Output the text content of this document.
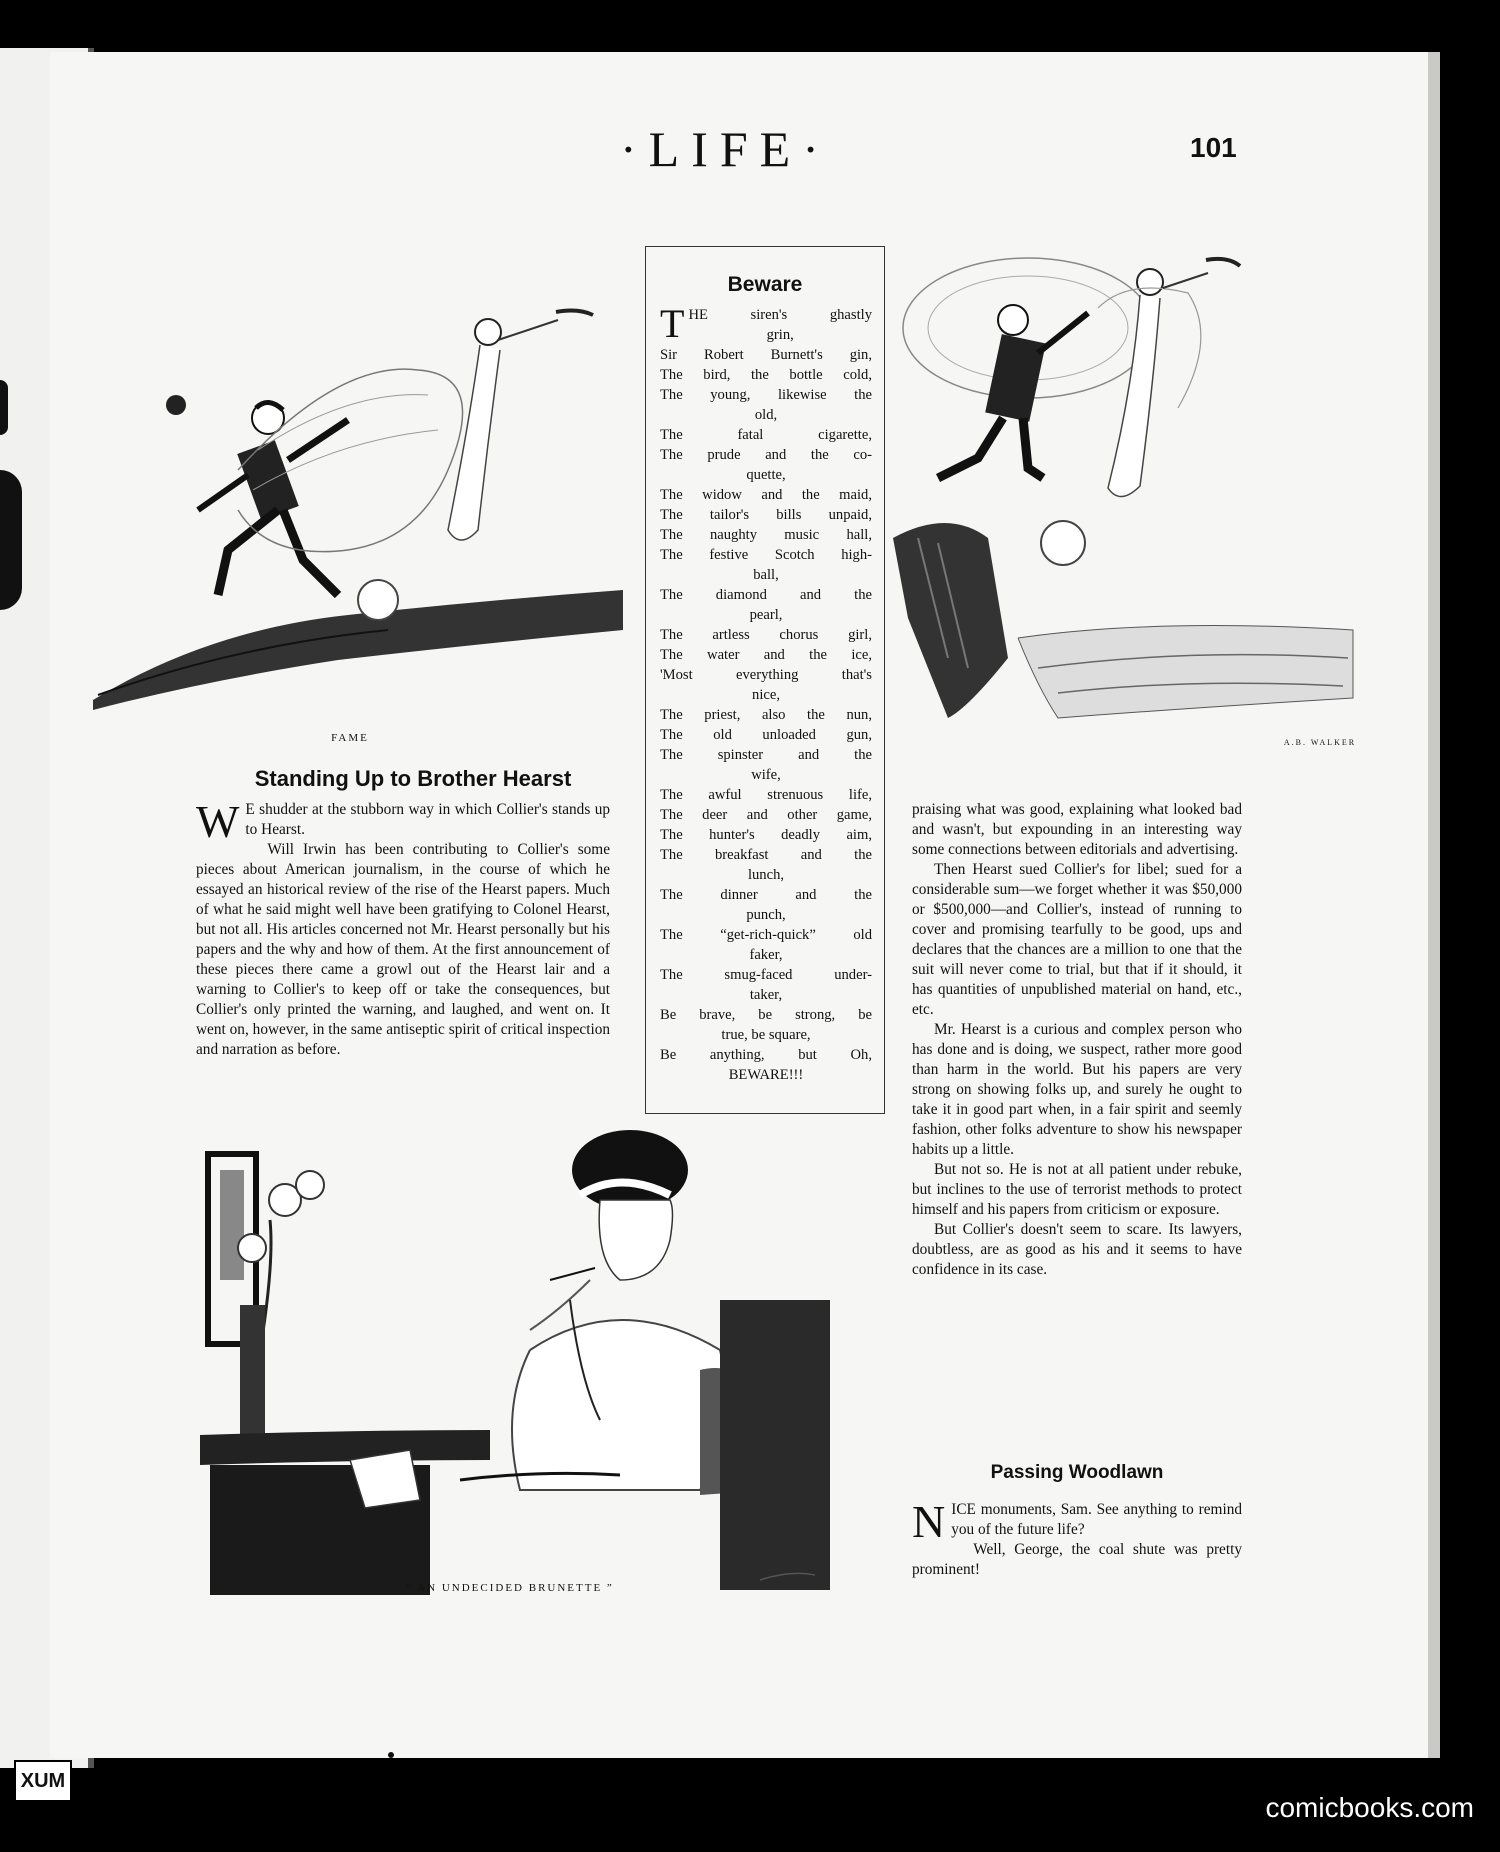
·LIFE·	101
FAME	A.B. WALKER
Standing Up to Brother Hearst

W E shudder at the stubborn way in which Collier's stands up to Hearst.

Will Irwin has been contributing to Collier's some pieces about American journalism, in the course of which he essayed an historical review of the rise of the Hearst papers. Much of what he said might well have been gratifying to Colonel Hearst, but not all. His articles concerned not Mr. Hearst personally but his papers and the why and how of them. At the first announcement of these pieces there came a growl out of the Hearst lair and a warning to Collier's to keep off or take the consequences, but Collier's only printed the warning, and laughed, and went on. It went on, however, in the same antiseptic spirit of critical inspection and narration as before.

Beware
T HE siren's ghastly
grin,
Sir Robert Burnett's gin,
The bird, the bottle cold,
The young, likewise the
old,
The fatal cigarette,
The prude and the co-
quette,
The widow and the maid,
The tailor's bills unpaid,
The naughty music hall,
The festive Scotch high-
ball,
The diamond and the
pearl,
The artless chorus girl,
The water and the ice,
'Most everything that's
nice,
The priest, also the nun,
The old unloaded gun,
The spinster and the
wife,
The awful strenuous life,
The deer and other game,
The hunter's deadly aim,
The breakfast and the
lunch,
The dinner and the
punch,
The “get-rich-quick” old
faker,
The smug-faced under-
taker,
Be brave, be strong, be
true, be square,
Be anything, but Oh,
BEWARE!!!
“ AN UNDECIDED BRUNETTE ”

praising what was good, explaining what looked bad and wasn't, but expounding in an interesting way some connections between editorials and advertising.

Then Hearst sued Collier's for libel; sued for a considerable sum—we forget whether it was $50,000 or $500,000—and Collier's, instead of running to cover and promising tearfully to be good, ups and declares that the chances are a million to one that the suit will never come to trial, but that if it should, it has quantities of unpublished material on hand, etc., etc.

Mr. Hearst is a curious and complex person who has done and is doing, we suspect, rather more good than harm in the world. But his papers are very strong on showing folks up, and surely he ought to take it in good part when, in a fair spirit and seemly fashion, other folks adventure to show his newspaper habits up a little.

But not so. He is not at all patient under rebuke, but inclines to the use of terrorist methods to protect himself and his papers from criticism or exposure.

But Collier's doesn't seem to scare. Its lawyers, doubtless, are as good as his and it seems to have confidence in its case.

Passing Woodlawn

NICE monuments, Sam. See anything to remind you of the future life?

Well, George, the coal shute was pretty prominent!

XUM
comicbooks.com
